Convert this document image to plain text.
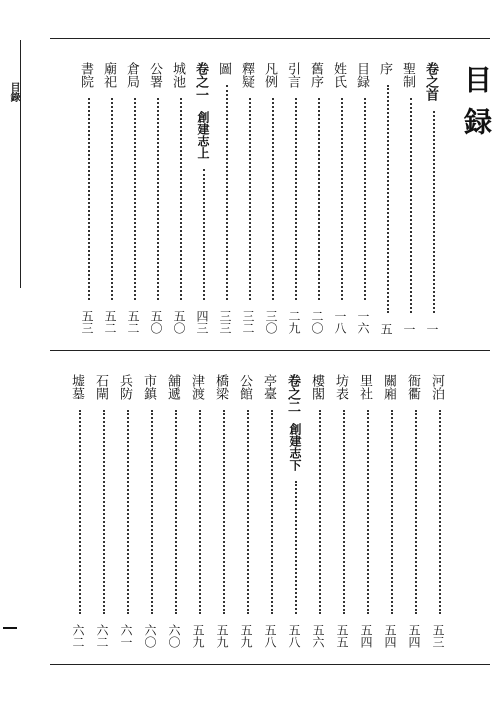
目錄	目録
卷之首
一
聖制
一
序
五
目録
一六
姓氏
一八
舊序
二〇
引言
二九
凡例
三〇
釋疑
三二
圖
三三
卷之一
創建志上
四三
城池
五〇
公署
五〇
倉局
五二
廟祀
五二
書院
五三
河泊
五三
衙衢
五四
關廂
五四
里社
五四
坊表
五五
樓閣
五六
卷之二
創建志下
五八
亭臺
五八
公館
五九
橋梁
五九
津渡
五九
舖遞
六〇
市鎮
六〇
兵防
六一
石閘
六二
墟墓
六二
